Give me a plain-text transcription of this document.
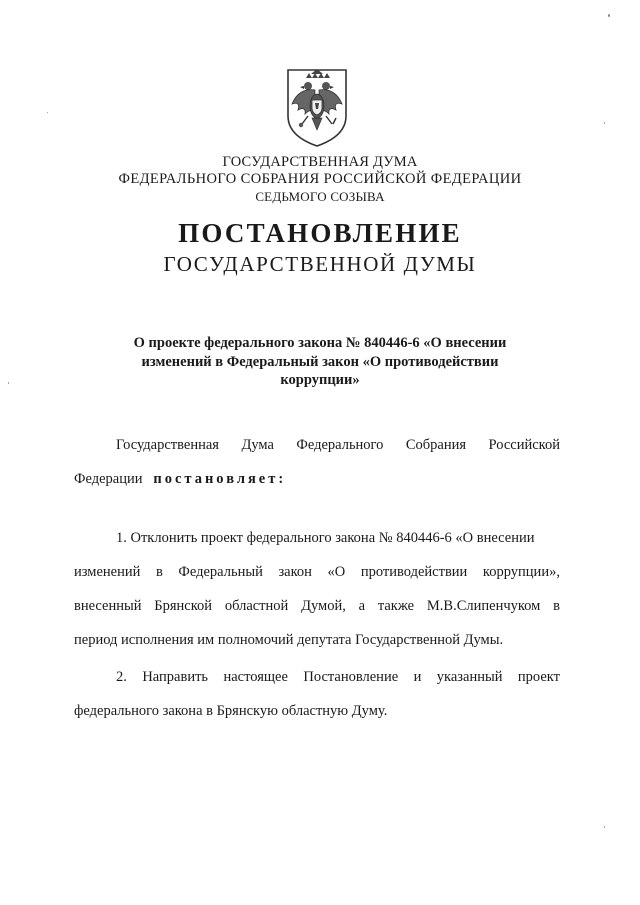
ГОСУДАРСТВЕННАЯ ДУМА
ФЕДЕРАЛЬНОГО СОБРАНИЯ РОССИЙСКОЙ ФЕДЕРАЦИИ
СЕДЬМОГО СОЗЫВА
ПОСТАНОВЛЕНИЕ
ГОСУДАРСТВЕННОЙ ДУМЫ
О проекте федерального закона № 840446-6 «О внесении
изменений в Федеральный закон «О противодействии
коррупции»
Государственная Дума Федерального Собрания Российской
Федерации постановляет:
1. Отклонить проект федерального закона № 840446-6 «О внесении
изменений в Федеральный закон «О противодействии коррупции»,
внесенный Брянской областной Думой, а также М.В.Слипенчуком в
период исполнения им полномочий депутата Государственной Думы.
2. Направить настоящее Постановление и указанный проект
федерального закона в Брянскую областную Думу.
